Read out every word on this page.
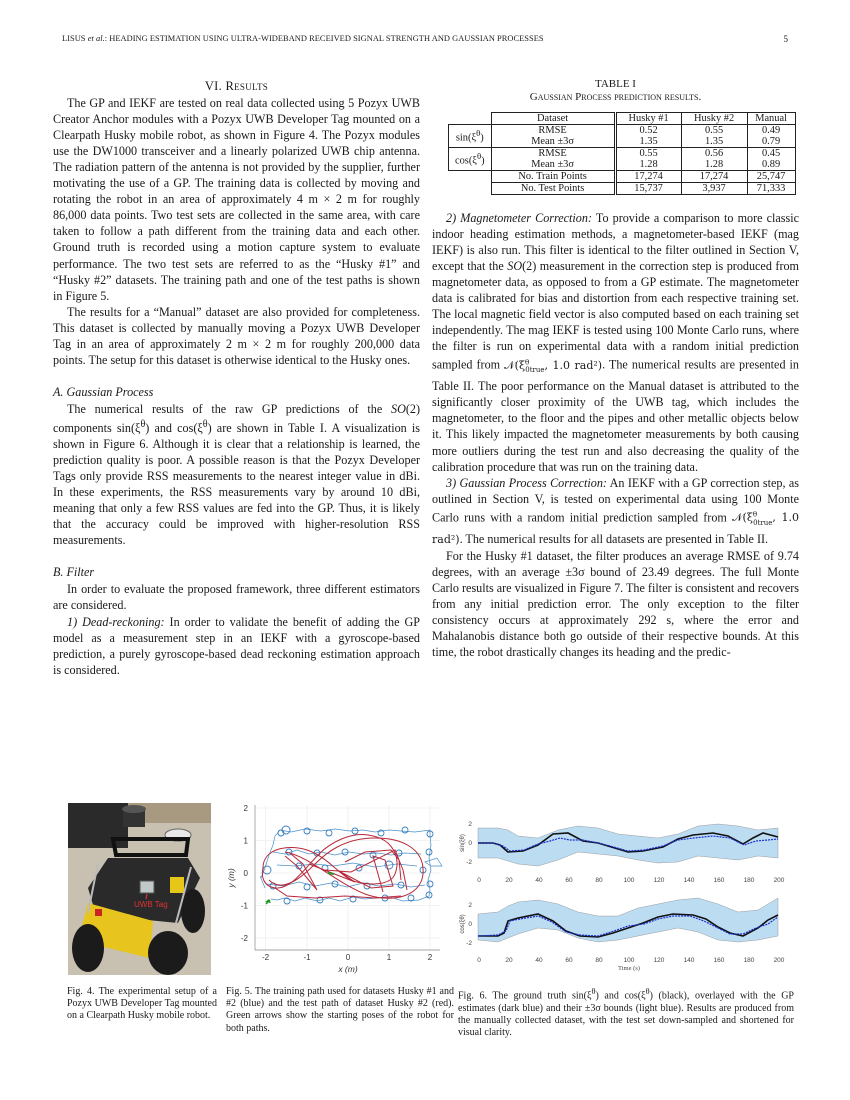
LISUS et al.: HEADING ESTIMATION USING ULTRA-WIDEBAND RECEIVED SIGNAL STRENGTH AND GAUSSIAN PROCESSES	5
VI. Results

The GP and IEKF are tested on real data collected using 5 Pozyx UWB Creator Anchor modules with a Pozyx UWB Developer Tag mounted on a Clearpath Husky mobile robot, as shown in Figure 4. The Pozyx modules use the DW1000 transceiver and a linearly polarized UWB chip antenna. The radiation pattern of the antenna is not provided by the supplier, further motivating the use of a GP. The training data is collected by moving and rotating the robot in an area of approximately 4 m × 2 m for roughly 86,000 data points. Two test sets are collected in the same area, with care taken to follow a path different from the training data and each other. Ground truth is recorded using a motion capture system to evaluate performance. The two test sets are referred to as the “Husky #1” and “Husky #2” datasets. The training path and one of the test paths is shown in Figure 5.

The results for a “Manual” dataset are also provided for completeness. This dataset is collected by manually moving a Pozyx UWB Developer Tag in an area of approximately 2 m × 2 m for roughly 200,000 data points. The setup for this dataset is otherwise identical to the Husky ones.

A. Gaussian Process

The numerical results of the raw GP predictions of the SO(2) components $\sin(\xi^\theta)$ and $\cos(\xi^\theta)$ are shown in Table I. A visualization is shown in Figure 6. Although it is clear that a relationship is learned, the prediction quality is poor. A possible reason is that the Pozyx Developer Tags only provide RSS measurements to the nearest integer value in dBi. In these experiments, the RSS measurements vary by around 10 dBi, meaning that only a few RSS values are fed into the GP. Thus, it is likely that the accuracy could be improved with higher-resolution RSS measurements.

B. Filter

In order to evaluate the proposed framework, three different estimators are considered.

1) Dead-reckoning: In order to validate the benefit of adding the GP model as a measurement step in an IEKF with a gyroscope-based prediction, a purely gyroscope-based dead reckoning estimation approach is considered.

TABLE I
Gaussian Process prediction results.
	Dataset	Husky #1	Husky #2	Manual
$\sin(\xi^\theta)$	RMSE	0.52	0.55	0.49
	Mean ±3σ	1.35	1.35	0.79
$\cos(\xi^\theta)$	RMSE	0.55	0.56	0.45
	Mean ±3σ	1.28	1.28	0.89
	No. Train Points	17,274	17,274	25,747
	No. Test Points	15,737	3,937	71,333

2) Magnetometer Correction: To provide a comparison to more classic indoor heading estimation methods, a magnetometer-based IEKF (mag IEKF) is also run. This filter is identical to the filter outlined in Section V, except that the SO(2) measurement in the correction step is produced from magnetometer data, as opposed to from a GP estimate. The magnetometer data is calibrated for bias and distortion from each respective training set. The local magnetic field vector is also computed based on each training set independently. The mag IEKF is tested using 100 Monte Carlo runs, where the filter is run on experimental data with a random initial prediction sampled from $𝒩(\xi^\theta_{0true}$, 1.0 rad²). The numerical results are presented in Table II. The poor performance on the Manual dataset is attributed to the significantly closer proximity of the UWB tag, which includes the magnetometer, to the floor and the pipes and other metallic objects below it. This likely impacted the magnetometer measurements by both causing more outliers during the test run and also decreasing the quality of the calibration procedure that was run on the training data.

3) Gaussian Process Correction: An IEKF with a GP correction step, as outlined in Section V, is tested on experimental data using 100 Monte Carlo runs with a random initial prediction sampled from $𝒩(\xi^\theta_{0true}$, 1.0 rad²). The numerical results for all datasets are presented in Table II.

For the Husky #1 dataset, the filter produces an average RMSE of 9.74 degrees, with an average ±3σ bound of 23.49 degrees. The full Monte Carlo results are visualized in Figure 7. The filter is consistent and recovers from any initial prediction error. The only exception to the filter consistency occurs at approximately 292 s, where the error and Mahalanobis distance both go outside of their respective bounds. At this time, the robot drastically changes its heading and the predic-

UWB Tag
-2	-1	0	1	2
2
1
0
-1
-2
x (m)
y (m)
2
0
-2
sin(ξθ)
0	20	40	60	80	100	120	140	160	180	200
2
0
-2
cos(ξθ)
0	20	40	60	80	100	120	140	160	180	200
Time (s)
Fig. 4. The experimental setup of a Pozyx UWB Developer Tag mounted on a Clearpath Husky mobile robot.
Fig. 5. The training path used for datasets Husky #1 and #2 (blue) and the test path of dataset Husky #2 (red). Green arrows show the starting poses of the robot for both paths.
Fig. 6. The ground truth $\sin(\xi^\theta)$ and $\cos(\xi^\theta)$ (black), overlayed with the GP estimates (dark blue) and their ±3σ bounds (light blue). Results are produced from the manually collected dataset, with the test set down-sampled and shortened for visual clarity.
